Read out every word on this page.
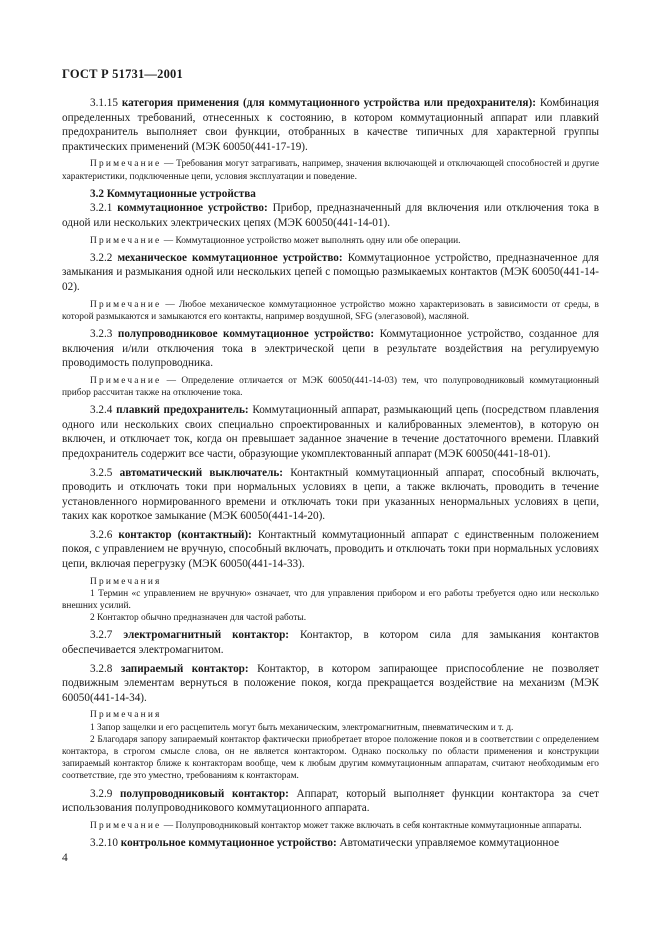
ГОСТ Р 51731—2001

3.1.15 категория применения (для коммутационного устройства или предохранителя): Комбинация определенных требований, отнесенных к состоянию, в котором коммутационный аппарат или плавкий предохранитель выполняет свои функции, отобранных в качестве типичных для характерной группы практических применений (МЭК 60050(441-17-19).

Примечание — Требования могут затрагивать, например, значения включающей и отключающей способностей и другие характеристики, подключенные цепи, условия эксплуатации и поведение.

3.2 Коммутационные устройства

3.2.1 коммутационное устройство: Прибор, предназначенный для включения или отключения тока в одной или нескольких электрических цепях (МЭК 60050(441-14-01).

Примечание — Коммутационное устройство может выполнять одну или обе операции.

3.2.2 механическое коммутационное устройство: Коммутационное устройство, предназначенное для замыкания и размыкания одной или нескольких цепей с помощью размыкаемых контактов (МЭК 60050(441-14-02).

Примечание — Любое механическое коммутационное устройство можно характеризовать в зависимости от среды, в которой размыкаются и замыкаются его контакты, например воздушной, SFG (элегазовой), масляной.

3.2.3 полупроводниковое коммутационное устройство: Коммутационное устройство, созданное для включения и/или отключения тока в электрической цепи в результате воздействия на регулируемую проводимость полупроводника.

Примечание — Определение отличается от МЭК 60050(441-14-03) тем, что полупроводниковый коммутационный прибор рассчитан также на отключение тока.

3.2.4 плавкий предохранитель: Коммутационный аппарат, размыкающий цепь (посредством плавления одного или нескольких своих специально спроектированных и калиброванных элементов), в которую он включен, и отключает ток, когда он превышает заданное значение в течение достаточного времени. Плавкий предохранитель содержит все части, образующие укомплектованный аппарат (МЭК 60050(441-18-01).

3.2.5 автоматический выключатель: Контактный коммутационный аппарат, способный включать, проводить и отключать токи при нормальных условиях в цепи, а также включать, проводить в течение установленного нормированного времени и отключать токи при указанных ненормальных условиях в цепи, таких как короткое замыкание (МЭК 60050(441-14-20).

3.2.6 контактор (контактный): Контактный коммутационный аппарат с единственным положением покоя, с управлением не вручную, способный включать, проводить и отключать токи при нормальных условиях цепи, включая перегрузку (МЭК 60050(441-14-33).

Примечания

1 Термин «с управлением не вручную» означает, что для управления прибором и его работы требуется одно или несколько внешних усилий.

2 Контактор обычно предназначен для частой работы.

3.2.7 электромагнитный контактор: Контактор, в котором сила для замыкания контактов обеспечивается электромагнитом.

3.2.8 запираемый контактор: Контактор, в котором запирающее приспособление не позволяет подвижным элементам вернуться в положение покоя, когда прекращается воздействие на механизм (МЭК 60050(441-14-34).

Примечания

1 Запор защелки и его расцепитель могут быть механическим, электромагнитным, пневматическим и т. д.

2 Благодаря запору запираемый контактор фактически приобретает второе положение покоя и в соответствии с определением контактора, в строгом смысле слова, он не является контактором. Однако поскольку по области применения и конструкции запираемый контактор ближе к контакторам вообще, чем к любым другим коммутационным аппаратам, считают необходимым его соответствие, где это уместно, требованиям к контакторам.

3.2.9 полупроводниковый контактор: Аппарат, который выполняет функции контактора за счет использования полупроводникового коммутационного аппарата.

Примечание — Полупроводниковый контактор может также включать в себя контактные коммутационные аппараты.

3.2.10 контрольное коммутационное устройство: Автоматически управляемое коммутационное

4
